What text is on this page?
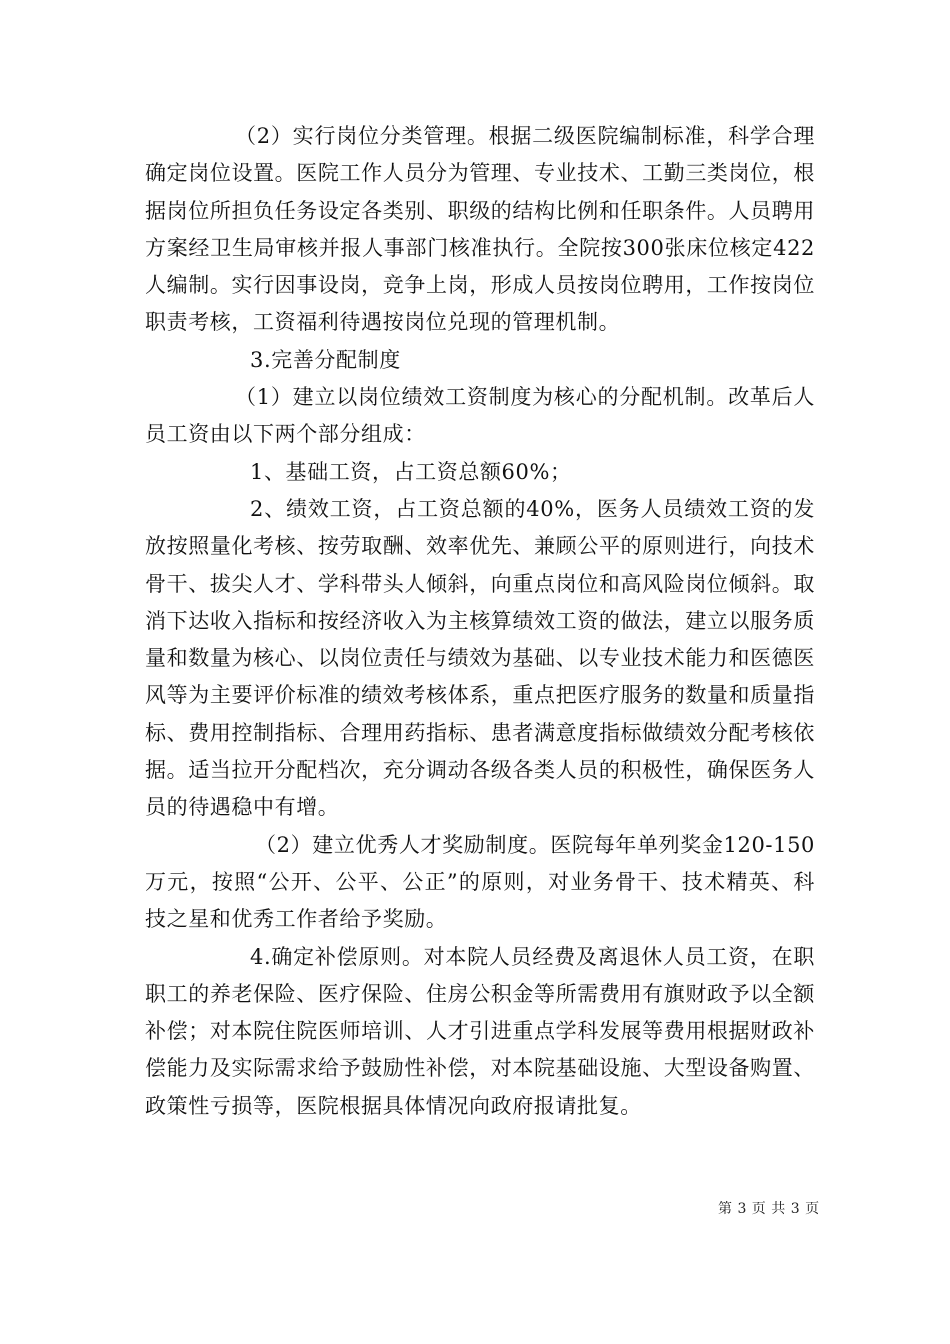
（2）实行岗位分类管理。根据二级医院编制标准，科学合理确定岗位设置。医院工作人员分为管理、专业技术、工勤三类岗位，根据岗位所担负任务设定各类别、职级的结构比例和任职条件。人员聘用方案经卫生局审核并报人事部门核准执行。全院按300张床位核定422人编制。实行因事设岗，竞争上岗，形成人员按岗位聘用，工作按岗位职责考核，工资福利待遇按岗位兑现的管理机制。

3.完善分配制度

（1）建立以岗位绩效工资制度为核心的分配机制。改革后人员工资由以下两个部分组成：

1、基础工资，占工资总额60%；

2、绩效工资，占工资总额的40%，医务人员绩效工资的发放按照量化考核、按劳取酬、效率优先、兼顾公平的原则进行，向技术骨干、拔尖人才、学科带头人倾斜，向重点岗位和高风险岗位倾斜。取消下达收入指标和按经济收入为主核算绩效工资的做法，建立以服务质量和数量为核心、以岗位责任与绩效为基础、以专业技术能力和医德医风等为主要评价标准的绩效考核体系，重点把医疗服务的数量和质量指标、费用控制指标、合理用药指标、患者满意度指标做绩效分配考核依据。适当拉开分配档次，充分调动各级各类人员的积极性，确保医务人员的待遇稳中有增。

（2）建立优秀人才奖励制度。医院每年单列奖金120-150万元，按照“公开、公平、公正”的原则，对业务骨干、技术精英、科技之星和优秀工作者给予奖励。

4.确定补偿原则。对本院人员经费及离退休人员工资，在职职工的养老保险、医疗保险、住房公积金等所需费用有旗财政予以全额补偿；对本院住院医师培训、人才引进重点学科发展等费用根据财政补偿能力及实际需求给予鼓励性补偿，对本院基础设施、大型设备购置、政策性亏损等，医院根据具体情况向政府报请批复。

第 3 页 共 3 页
